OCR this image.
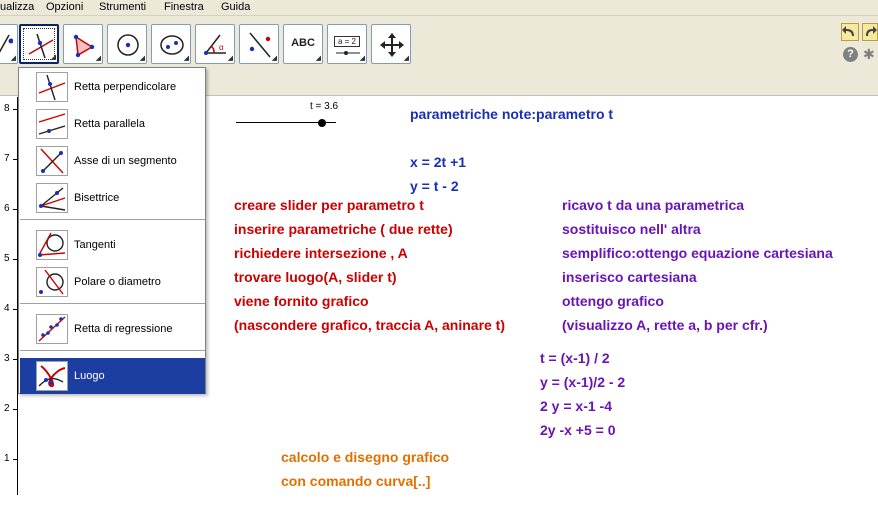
ualizza Opzioni Strumenti Finestra Guida
◢	◢	◢	◢	◢
α
◢	◢
ABC
◢
a = 2
◢	◢	? ✱
8
7
6
5
4
3
2
1
t = 3.6	parametriche note:parametro t
x = 2t +1
y = t - 2
creare slider per parametro t
inserire parametriche ( due rette)
richiedere intersezione , A
trovare luogo(A, slider t)
viene fornito grafico
(nascondere grafico, traccia A, aninare t)
ricavo t da una parametrica
sostituisco nell' altra
semplifico:ottengo equazione cartesiana
inserisco cartesiana
ottengo grafico
(visualizzo A, rette a, b per cfr.)
t = (x-1) / 2
y = (x-1)/2 - 2
2 y = x-1 -4
2y -x +5 = 0
calcolo e disegno grafico
con comando curva[..]
Retta perpendicolare
Retta parallela
Asse di un segmento
Bisettrice
Tangenti
Polare o diametro
Retta di regressione
Luogo
